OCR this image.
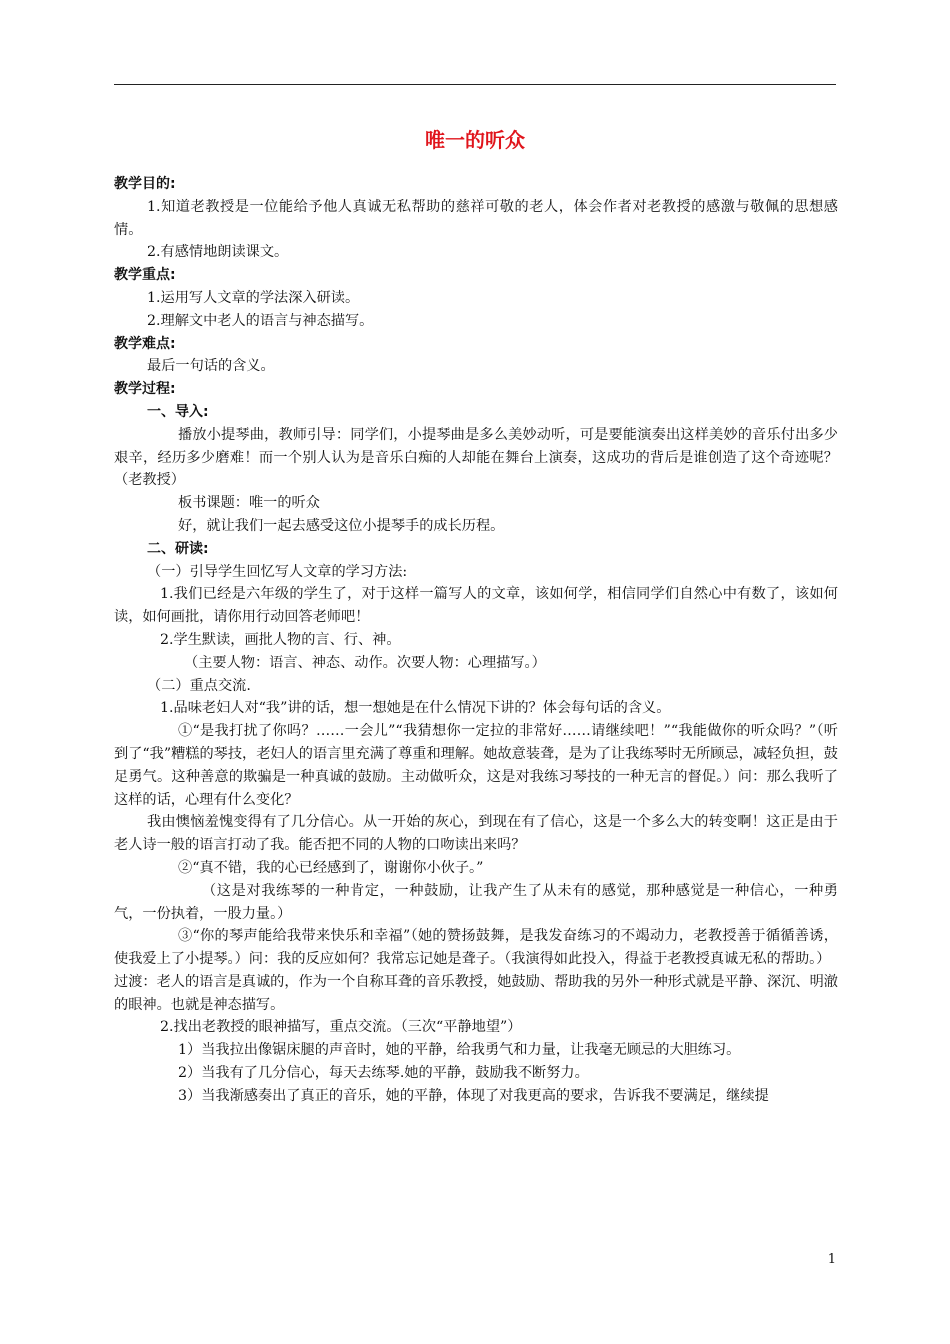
唯一的听众

教学目的:

1.知道老教授是一位能给予他人真诚无私帮助的慈祥可敬的老人，体会作者对老教授的感激与敬佩的思想感情。

2.有感情地朗读课文。

教学重点:

1.运用写人文章的学法深入研读。

2.理解文中老人的语言与神态描写。

教学难点:

最后一句话的含义。

教学过程:

一、导入:

播放小提琴曲，教师引导：同学们，小提琴曲是多么美妙动听，可是要能演奏出这样美妙的音乐付出多少艰辛，经历多少磨难！而一个别人认为是音乐白痴的人却能在舞台上演奏，这成功的背后是谁创造了这个奇迹呢？（老教授）

板书课题：唯一的听众

好，就让我们一起去感受这位小提琴手的成长历程。

二、研读:

（一）引导学生回忆写人文章的学习方法:

1.我们已经是六年级的学生了，对于这样一篇写人的文章，该如何学，相信同学们自然心中有数了，该如何读，如何画批，请你用行动回答老师吧！

2.学生默读，画批人物的言、行、神。

（主要人物：语言、神态、动作。次要人物：心理描写。）

（二）重点交流.

1.品味老妇人对“我”讲的话，想一想她是在什么情况下讲的？体会每句话的含义。

①“是我打扰了你吗？……一会儿”“我猜想你一定拉的非常好……请继续吧！”“我能做你的听众吗？”（听到了“我”糟糕的琴技，老妇人的语言里充满了尊重和理解。她故意装聋，是为了让我练琴时无所顾忌，减轻负担，鼓足勇气。这种善意的欺骗是一种真诚的鼓励。主动做听众，这是对我练习琴技的一种无言的督促。）问：那么我听了这样的话，心理有什么变化？

我由懊恼羞愧变得有了几分信心。从一开始的灰心，到现在有了信心，这是一个多么大的转变啊！这正是由于老人诗一般的语言打动了我。能否把不同的人物的口吻读出来吗？

②“真不错，我的心已经感到了，谢谢你小伙子。”

（这是对我练琴的一种肯定，一种鼓励，让我产生了从未有的感觉，那种感觉是一种信心，一种勇气，一份执着，一股力量。）

③“你的琴声能给我带来快乐和幸福”（她的赞扬鼓舞，是我发奋练习的不竭动力，老教授善于循循善诱，使我爱上了小提琴。）问：我的反应如何？我常忘记她是聋子。（我演得如此投入，得益于老教授真诚无私的帮助。）

过渡：老人的语言是真诚的，作为一个自称耳聋的音乐教授，她鼓励、帮助我的另外一种形式就是平静、深沉、明澈的眼神。也就是神态描写。

2.找出老教授的眼神描写，重点交流。（三次“平静地望”）

1）当我拉出像锯床腿的声音时，她的平静，给我勇气和力量，让我毫无顾忌的大胆练习。

2）当我有了几分信心，每天去练琴.她的平静，鼓励我不断努力。

3）当我渐感奏出了真正的音乐，她的平静，体现了对我更高的要求，告诉我不要满足，继续提

1
